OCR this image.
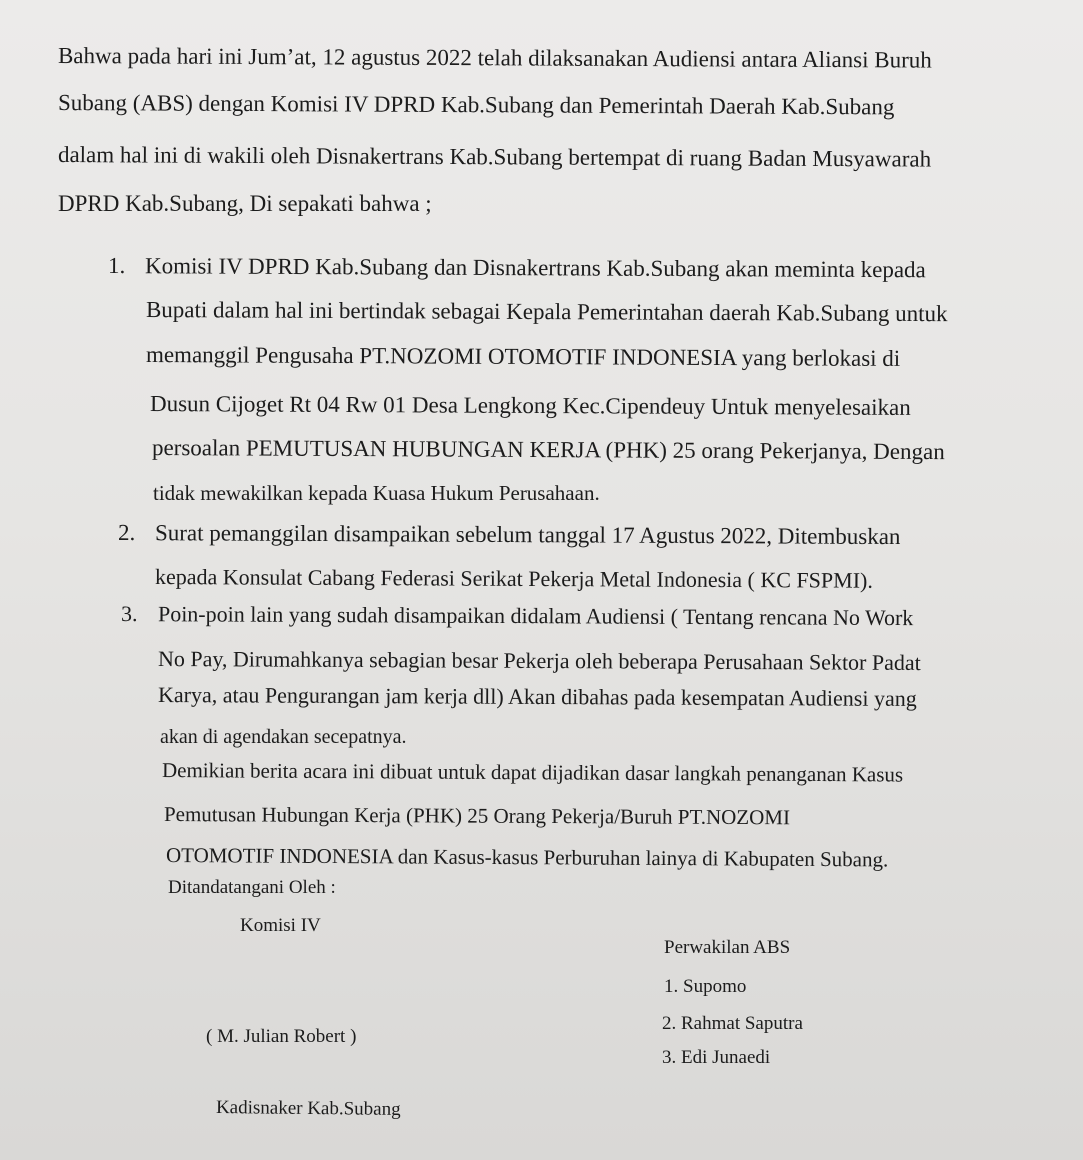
Bahwa pada hari ini Jum’at, 12 agustus 2022 telah dilaksanakan Audiensi antara Aliansi Buruh
Subang (ABS) dengan Komisi IV DPRD Kab.Subang dan Pemerintah Daerah Kab.Subang
dalam hal ini di wakili oleh Disnakertrans Kab.Subang bertempat di ruang Badan Musyawarah
DPRD Kab.Subang, Di sepakati bahwa ;
1. Komisi IV DPRD Kab.Subang dan Disnakertrans Kab.Subang akan meminta kepada
Bupati dalam hal ini bertindak sebagai Kepala Pemerintahan daerah Kab.Subang untuk
memanggil Pengusaha PT.NOZOMI OTOMOTIF INDONESIA yang berlokasi di
Dusun Cijoget Rt 04 Rw 01 Desa Lengkong Kec.Cipendeuy Untuk menyelesaikan
persoalan PEMUTUSAN HUBUNGAN KERJA (PHK) 25 orang Pekerjanya, Dengan
tidak mewakilkan kepada Kuasa Hukum Perusahaan.
2. Surat pemanggilan disampaikan sebelum tanggal 17 Agustus 2022, Ditembuskan
kepada Konsulat Cabang Federasi Serikat Pekerja Metal Indonesia ( KC FSPMI).
3. Poin-poin lain yang sudah disampaikan didalam Audiensi ( Tentang rencana No Work
No Pay, Dirumahkanya sebagian besar Pekerja oleh beberapa Perusahaan Sektor Padat
Karya, atau Pengurangan jam kerja dll) Akan dibahas pada kesempatan Audiensi yang
akan di agendakan secepatnya.
Demikian berita acara ini dibuat untuk dapat dijadikan dasar langkah penanganan Kasus
Pemutusan Hubungan Kerja (PHK) 25 Orang Pekerja/Buruh PT.NOZOMI
OTOMOTIF INDONESIA dan Kasus-kasus Perburuhan lainya di Kabupaten Subang.
Ditandatangani Oleh :
Komisi IV
Perwakilan ABS
1. Supomo
2. Rahmat Saputra
( M. Julian Robert )
3. Edi Junaedi
Kadisnaker Kab.Subang
